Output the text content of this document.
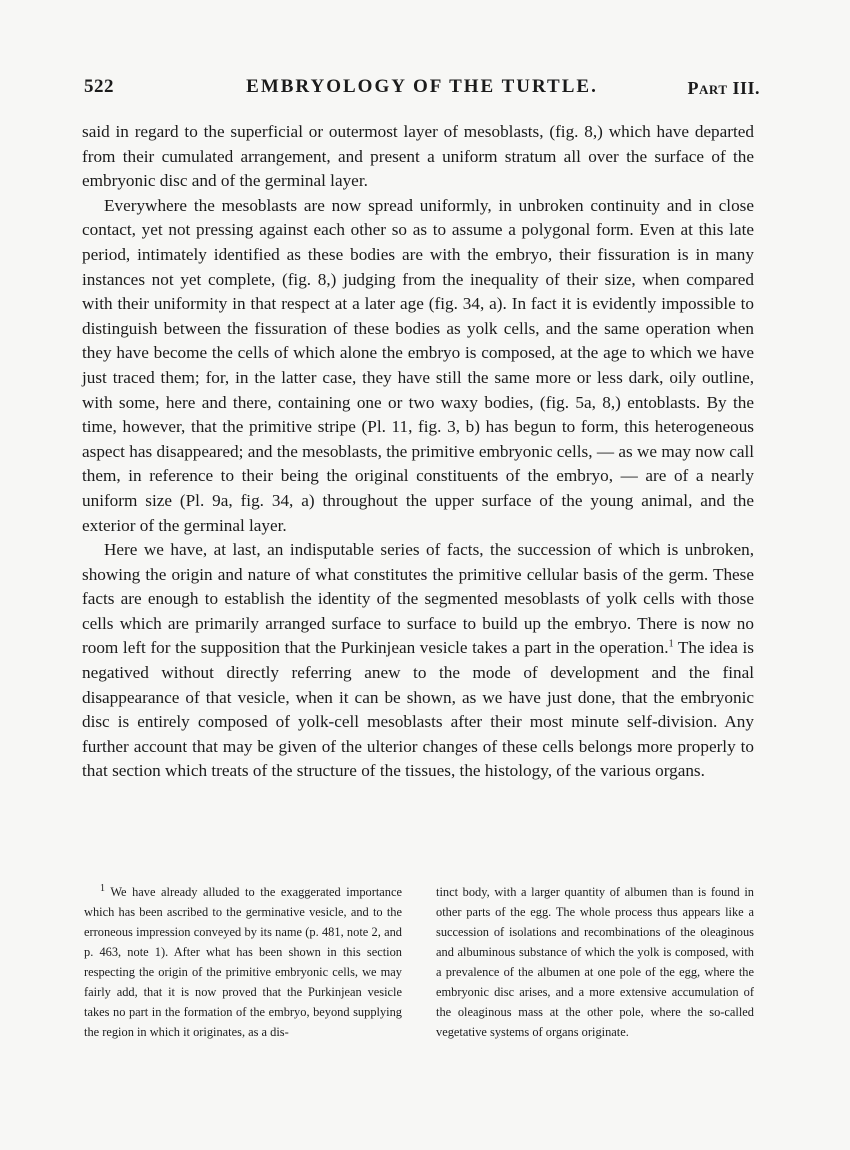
522	EMBRYOLOGY OF THE TURTLE.	Part III.

said in regard to the superficial or outermost layer of mesoblasts, (fig. 8,) which have departed from their cumulated arrangement, and present a uniform stratum all over the surface of the embryonic disc and of the germinal layer.

Everywhere the mesoblasts are now spread uniformly, in unbroken continuity and in close contact, yet not pressing against each other so as to assume a polygonal form. Even at this late period, intimately identified as these bodies are with the embryo, their fissuration is in many instances not yet complete, (fig. 8,) judging from the inequality of their size, when compared with their uniformity in that respect at a later age (fig. 34, a). In fact it is evidently impossible to distinguish between the fissuration of these bodies as yolk cells, and the same operation when they have become the cells of which alone the embryo is composed, at the age to which we have just traced them; for, in the latter case, they have still the same more or less dark, oily outline, with some, here and there, containing one or two waxy bodies, (fig. 5a, 8,) entoblasts. By the time, however, that the primitive stripe (Pl. 11, fig. 3, b) has begun to form, this heterogeneous aspect has disappeared; and the mesoblasts, the primitive embryonic cells, — as we may now call them, in reference to their being the original constituents of the embryo, — are of a nearly uniform size (Pl. 9a, fig. 34, a) throughout the upper surface of the young animal, and the exterior of the germinal layer.

Here we have, at last, an indisputable series of facts, the succession of which is unbroken, showing the origin and nature of what constitutes the primitive cellular basis of the germ. These facts are enough to establish the identity of the segmented mesoblasts of yolk cells with those cells which are primarily arranged surface to surface to build up the embryo. There is now no room left for the supposition that the Purkinjean vesicle takes a part in the operation.$^1$ The idea is negatived without directly referring anew to the mode of development and the final disappearance of that vesicle, when it can be shown, as we have just done, that the embryonic disc is entirely composed of yolk-cell mesoblasts after their most minute self-division. Any further account that may be given of the ulterior changes of these cells belongs more properly to that section which treats of the structure of the tissues, the histology, of the various organs.

$^1$ We have already alluded to the exaggerated importance which has been ascribed to the germinative vesicle, and to the erroneous impression conveyed by its name (p. 481, note 2, and p. 463, note 1). After what has been shown in this section respecting the origin of the primitive embryonic cells, we may fairly add, that it is now proved that the Purkinjean vesicle takes no part in the formation of the embryo, beyond supplying the region in which it originates, as a dis-

tinct body, with a larger quantity of albumen than is found in other parts of the egg. The whole process thus appears like a succession of isolations and recombinations of the oleaginous and albuminous substance of which the yolk is composed, with a prevalence of the albumen at one pole of the egg, where the embryonic disc arises, and a more extensive accumulation of the oleaginous mass at the other pole, where the so-called vegetative systems of organs originate.
